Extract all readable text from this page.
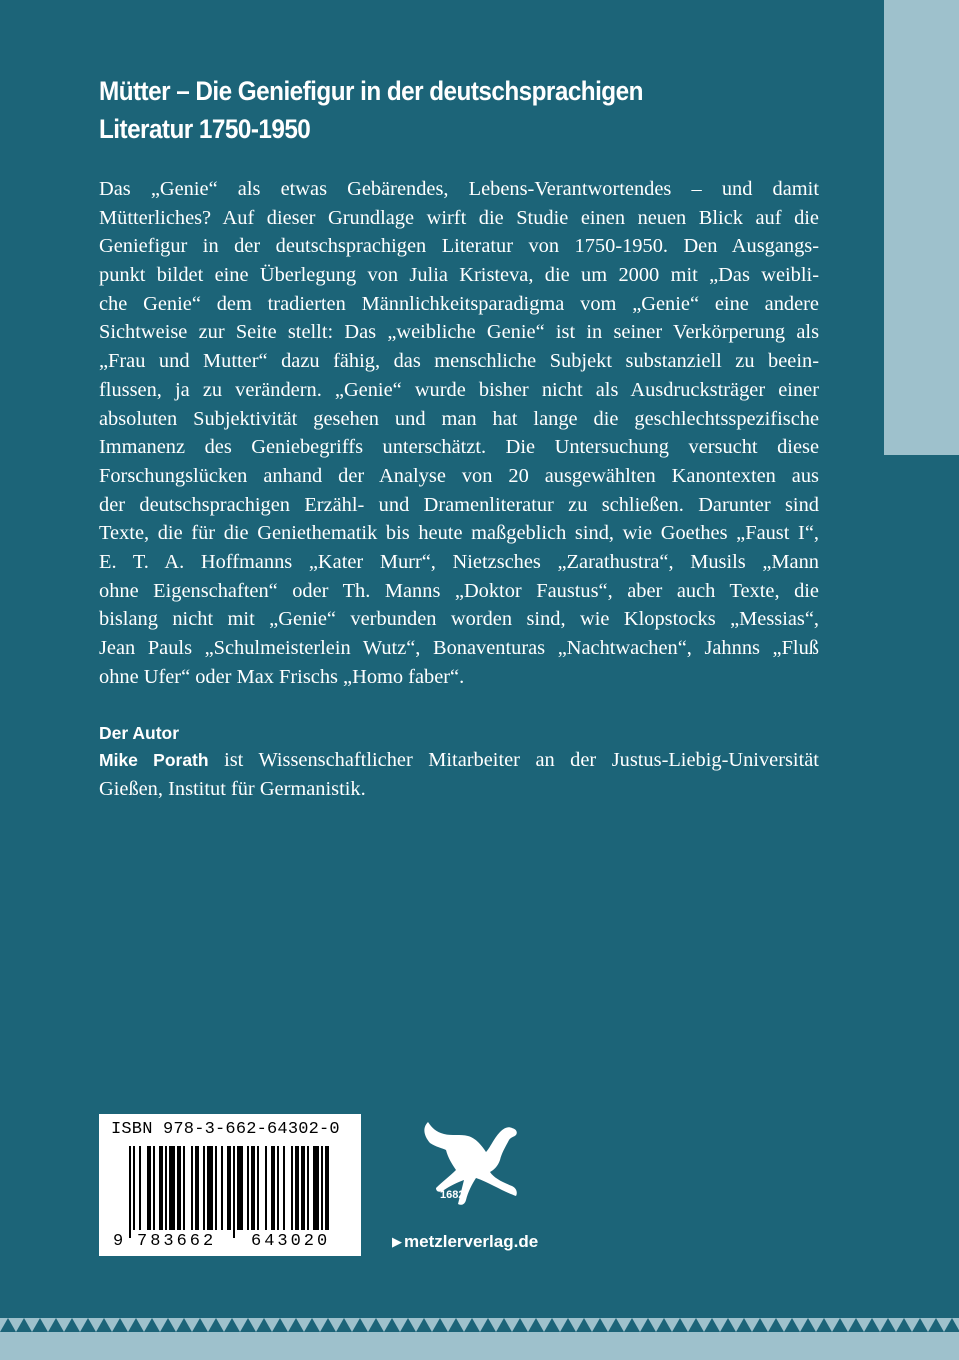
Mütter – Die Geniefigur in der deutschsprachigen
Literatur 1750-1950
Das „Genie“ als etwas Gebärendes, Lebens-Verantwortendes – und damit
Mütterliches? Auf dieser Grundlage wirft die Studie einen neuen Blick auf die
Geniefigur in der deutschsprachigen Literatur von 1750-1950. Den Ausgangs-
punkt bildet eine Überlegung von Julia Kristeva, die um 2000 mit „Das weibli-
che Genie“ dem tradierten Männlichkeitsparadigma vom „Genie“ eine andere
Sichtweise zur Seite stellt: Das „weibliche Genie“ ist in seiner Verkörperung als
„Frau und Mutter“ dazu fähig, das menschliche Subjekt substanziell zu beein-
flussen, ja zu verändern. „Genie“ wurde bisher nicht als Ausdrucksträger einer
absoluten Subjektivität gesehen und man hat lange die geschlechtsspezifische
Immanenz des Geniebegriffs unterschätzt. Die Untersuchung versucht diese
Forschungslücken anhand der Analyse von 20 ausgewählten Kanontexten aus
der deutschsprachigen Erzähl- und Dramenliteratur zu schließen. Darunter sind
Texte, die für die Geniethematik bis heute maßgeblich sind, wie Goethes „Faust I“,
E. T. A. Hoffmanns „Kater Murr“, Nietzsches „Zarathustra“, Musils „Mann
ohne Eigenschaften“ oder Th. Manns „Doktor Faustus“, aber auch Texte, die
bislang nicht mit „Genie“ verbunden worden sind, wie Klopstocks „Messias“,
Jean Pauls „Schulmeisterlein Wutz“, Bonaventuras „Nachtwachen“, Jahnns „Fluß
ohne Ufer“ oder Max Frischs „Homo faber“.
Der Autor
Mike Porath ist Wissenschaftlicher Mitarbeiter an der Justus-Liebig-Universität
Gießen, Institut für Germanistik.
ISBN 978-3-662-64302-0
9 783662 643020
1682
▶ metzlerverlag.de
